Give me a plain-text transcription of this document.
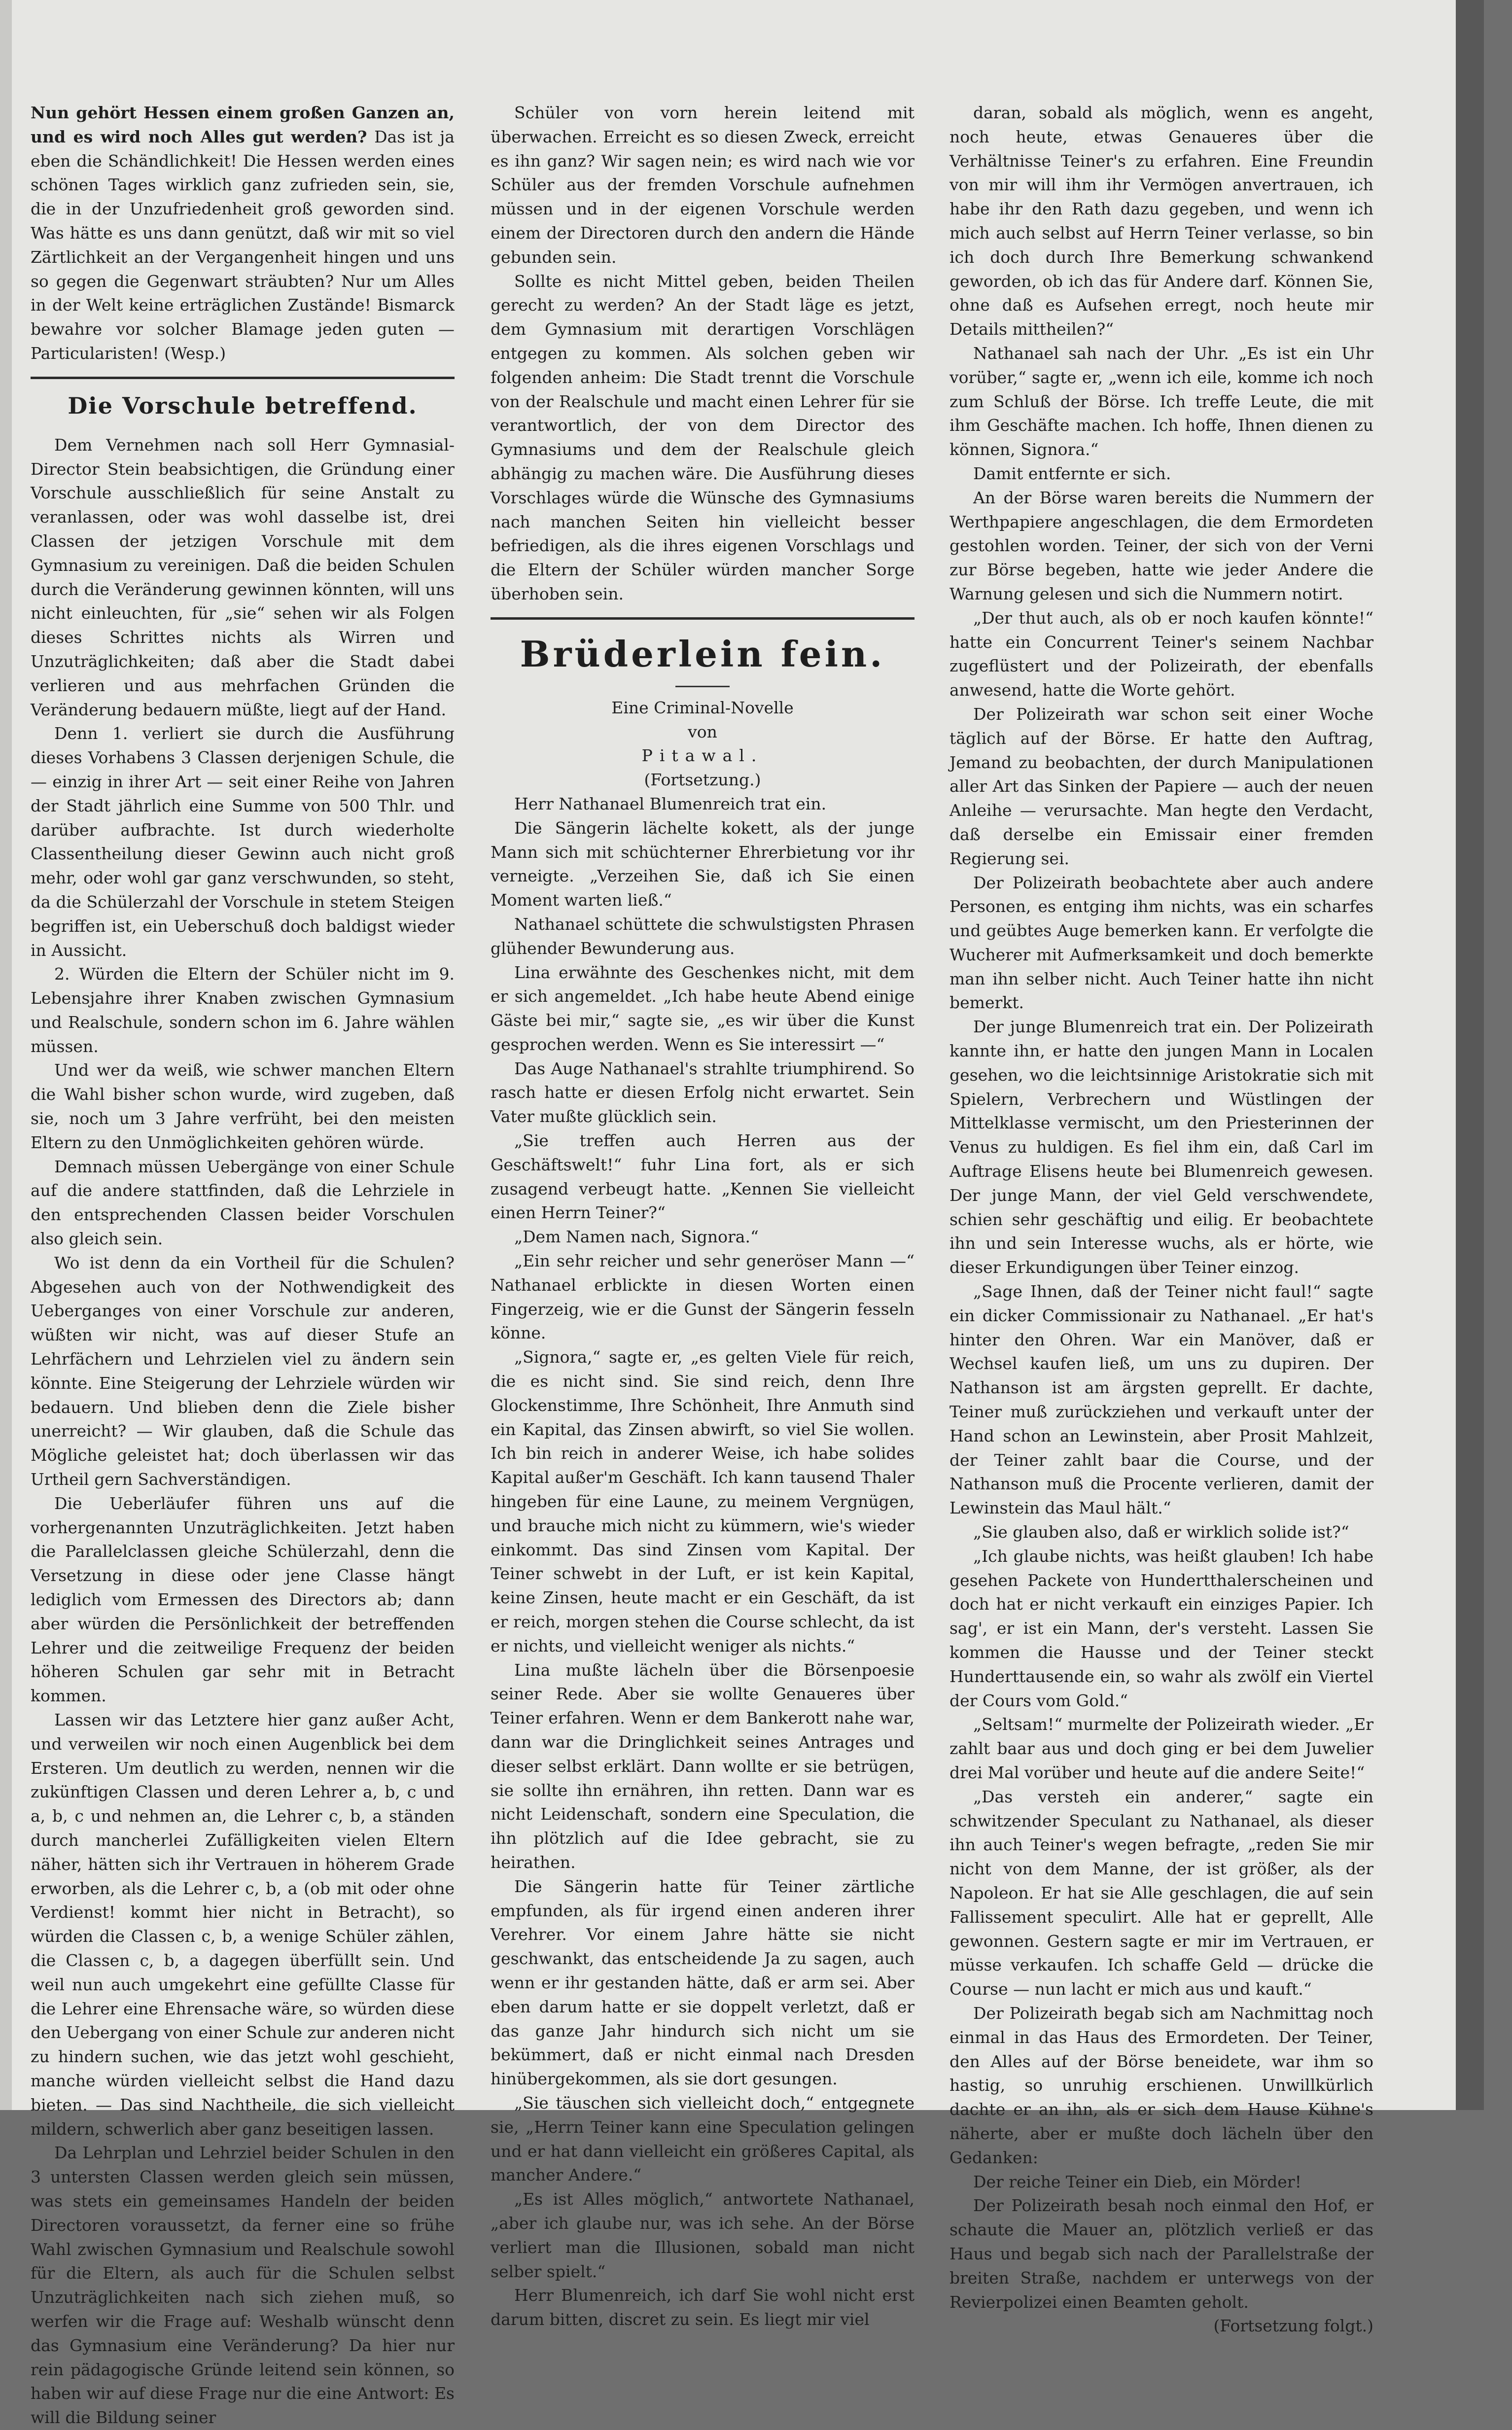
Nun gehört Hessen einem großen Ganzen an, und es wird noch Alles gut werden? Das ist ja eben die Schändlichkeit! Die Hessen werden eines schönen Tages wirklich ganz zufrieden sein, sie, die in der Unzufriedenheit groß geworden sind. Was hätte es uns dann genützt, daß wir mit so viel Zärtlichkeit an der Vergangenheit hingen und uns so gegen die Gegenwart sträubten? Nur um Alles in der Welt keine erträglichen Zustände! Bismarck bewahre vor solcher Blamage jeden guten — Particularisten! (Wesp.)

Die Vorschule betreffend.

Dem Vernehmen nach soll Herr Gymnasial-Director Stein beabsichtigen, die Gründung einer Vorschule ausschließlich für seine Anstalt zu veranlassen, oder was wohl dasselbe ist, drei Classen der jetzigen Vorschule mit dem Gymnasium zu vereinigen. Daß die beiden Schulen durch die Veränderung gewinnen könnten, will uns nicht einleuchten, für „sie“ sehen wir als Folgen dieses Schrittes nichts als Wirren und Unzuträglichkeiten; daß aber die Stadt dabei verlieren und aus mehrfachen Gründen die Veränderung bedauern müßte, liegt auf der Hand.

Denn 1. verliert sie durch die Ausführung dieses Vorhabens 3 Classen derjenigen Schule, die — einzig in ihrer Art — seit einer Reihe von Jahren der Stadt jährlich eine Summe von 500 Thlr. und darüber aufbrachte. Ist durch wiederholte Classentheilung dieser Gewinn auch nicht groß mehr, oder wohl gar ganz verschwunden, so steht, da die Schülerzahl der Vorschule in stetem Steigen begriffen ist, ein Ueberschuß doch baldigst wieder in Aussicht.

2. Würden die Eltern der Schüler nicht im 9. Lebensjahre ihrer Knaben zwischen Gymnasium und Realschule, sondern schon im 6. Jahre wählen müssen.

Und wer da weiß, wie schwer manchen Eltern die Wahl bisher schon wurde, wird zugeben, daß sie, noch um 3 Jahre verfrüht, bei den meisten Eltern zu den Unmöglichkeiten gehören würde.

Demnach müssen Uebergänge von einer Schule auf die andere stattfinden, daß die Lehrziele in den entsprechenden Classen beider Vorschulen also gleich sein.

Wo ist denn da ein Vortheil für die Schulen? Abgesehen auch von der Nothwendigkeit des Ueberganges von einer Vorschule zur anderen, wüßten wir nicht, was auf dieser Stufe an Lehrfächern und Lehrzielen viel zu ändern sein könnte. Eine Steigerung der Lehrziele würden wir bedauern. Und blieben denn die Ziele bisher unerreicht? — Wir glauben, daß die Schule das Mögliche geleistet hat; doch überlassen wir das Urtheil gern Sachverständigen.

Die Ueberläufer führen uns auf die vorhergenannten Unzuträglichkeiten. Jetzt haben die Parallelclassen gleiche Schülerzahl, denn die Versetzung in diese oder jene Classe hängt lediglich vom Ermessen des Directors ab; dann aber würden die Persönlichkeit der betreffenden Lehrer und die zeitweilige Frequenz der beiden höheren Schulen gar sehr mit in Betracht kommen.

Lassen wir das Letztere hier ganz außer Acht, und verweilen wir noch einen Augenblick bei dem Ersteren. Um deutlich zu werden, nennen wir die zukünftigen Classen und deren Lehrer a, b, c und a, b, c und nehmen an, die Lehrer c, b, a ständen durch mancherlei Zufälligkeiten vielen Eltern näher, hätten sich ihr Vertrauen in höherem Grade erworben, als die Lehrer c, b, a (ob mit oder ohne Verdienst! kommt hier nicht in Betracht), so würden die Classen c, b, a wenige Schüler zählen, die Classen c, b, a dagegen überfüllt sein. Und weil nun auch umgekehrt eine gefüllte Classe für die Lehrer eine Ehrensache wäre, so würden diese den Uebergang von einer Schule zur anderen nicht zu hindern suchen, wie das jetzt wohl geschieht, manche würden vielleicht selbst die Hand dazu bieten. — Das sind Nachtheile, die sich vielleicht mildern, schwerlich aber ganz beseitigen lassen.

Da Lehrplan und Lehrziel beider Schulen in den 3 untersten Classen werden gleich sein müssen, was stets ein gemeinsames Handeln der beiden Directoren voraussetzt, da ferner eine so frühe Wahl zwischen Gymnasium und Realschule sowohl für die Eltern, als auch für die Schulen selbst Unzuträglichkeiten nach sich ziehen muß, so werfen wir die Frage auf: Weshalb wünscht denn das Gymnasium eine Veränderung? Da hier nur rein pädagogische Gründe leitend sein können, so haben wir auf diese Frage nur die eine Antwort: Es will die Bildung seiner

Schüler von vorn herein leitend mit überwachen. Erreicht es so diesen Zweck, erreicht es ihn ganz? Wir sagen nein; es wird nach wie vor Schüler aus der fremden Vorschule aufnehmen müssen und in der eigenen Vorschule werden einem der Directoren durch den andern die Hände gebunden sein.

Sollte es nicht Mittel geben, beiden Theilen gerecht zu werden? An der Stadt läge es jetzt, dem Gymnasium mit derartigen Vorschlägen entgegen zu kommen. Als solchen geben wir folgenden anheim: Die Stadt trennt die Vorschule von der Realschule und macht einen Lehrer für sie verantwortlich, der von dem Director des Gymnasiums und dem der Realschule gleich abhängig zu machen wäre. Die Ausführung dieses Vorschlages würde die Wünsche des Gymnasiums nach manchen Seiten hin vielleicht besser befriedigen, als die ihres eigenen Vorschlags und die Eltern der Schüler würden mancher Sorge überhoben sein.

Brüderlein fein.

Eine Criminal-Novelle

von

Pitawal.

(Fortsetzung.)

Herr Nathanael Blumenreich trat ein.

Die Sängerin lächelte kokett, als der junge Mann sich mit schüchterner Ehrerbietung vor ihr verneigte. „Verzeihen Sie, daß ich Sie einen Moment warten ließ.“

Nathanael schüttete die schwulstigsten Phrasen glühender Bewunderung aus.

Lina erwähnte des Geschenkes nicht, mit dem er sich angemeldet. „Ich habe heute Abend einige Gäste bei mir,“ sagte sie, „es wir über die Kunst gesprochen werden. Wenn es Sie interessirt —“

Das Auge Nathanael's strahlte triumphirend. So rasch hatte er diesen Erfolg nicht erwartet. Sein Vater mußte glücklich sein.

„Sie treffen auch Herren aus der Geschäftswelt!“ fuhr Lina fort, als er sich zusagend verbeugt hatte. „Kennen Sie vielleicht einen Herrn Teiner?“

„Dem Namen nach, Signora.“

„Ein sehr reicher und sehr generöser Mann —“ Nathanael erblickte in diesen Worten einen Fingerzeig, wie er die Gunst der Sängerin fesseln könne.

„Signora,“ sagte er, „es gelten Viele für reich, die es nicht sind. Sie sind reich, denn Ihre Glockenstimme, Ihre Schönheit, Ihre Anmuth sind ein Kapital, das Zinsen abwirft, so viel Sie wollen. Ich bin reich in anderer Weise, ich habe solides Kapital außer'm Geschäft. Ich kann tausend Thaler hingeben für eine Laune, zu meinem Vergnügen, und brauche mich nicht zu kümmern, wie's wieder einkommt. Das sind Zinsen vom Kapital. Der Teiner schwebt in der Luft, er ist kein Kapital, keine Zinsen, heute macht er ein Geschäft, da ist er reich, morgen stehen die Course schlecht, da ist er nichts, und vielleicht weniger als nichts.“

Lina mußte lächeln über die Börsenpoesie seiner Rede. Aber sie wollte Genaueres über Teiner erfahren. Wenn er dem Bankerott nahe war, dann war die Dringlichkeit seines Antrages und dieser selbst erklärt. Dann wollte er sie betrügen, sie sollte ihn ernähren, ihn retten. Dann war es nicht Leidenschaft, sondern eine Speculation, die ihn plötzlich auf die Idee gebracht, sie zu heirathen.

Die Sängerin hatte für Teiner zärtliche empfunden, als für irgend einen anderen ihrer Verehrer. Vor einem Jahre hätte sie nicht geschwankt, das entscheidende Ja zu sagen, auch wenn er ihr gestanden hätte, daß er arm sei. Aber eben darum hatte er sie doppelt verletzt, daß er das ganze Jahr hindurch sich nicht um sie bekümmert, daß er nicht einmal nach Dresden hinübergekommen, als sie dort gesungen.

„Sie täuschen sich vielleicht doch,“ entgegnete sie, „Herrn Teiner kann eine Speculation gelingen und er hat dann vielleicht ein größeres Capital, als mancher Andere.“

„Es ist Alles möglich,“ antwortete Nathanael, „aber ich glaube nur, was ich sehe. An der Börse verliert man die Illusionen, sobald man nicht selber spielt.“

Herr Blumenreich, ich darf Sie wohl nicht erst darum bitten, discret zu sein. Es liegt mir viel

daran, sobald als möglich, wenn es angeht, noch heute, etwas Genaueres über die Verhältnisse Teiner's zu erfahren. Eine Freundin von mir will ihm ihr Vermögen anvertrauen, ich habe ihr den Rath dazu gegeben, und wenn ich mich auch selbst auf Herrn Teiner verlasse, so bin ich doch durch Ihre Bemerkung schwankend geworden, ob ich das für Andere darf. Können Sie, ohne daß es Aufsehen erregt, noch heute mir Details mittheilen?“

Nathanael sah nach der Uhr. „Es ist ein Uhr vorüber,“ sagte er, „wenn ich eile, komme ich noch zum Schluß der Börse. Ich treffe Leute, die mit ihm Geschäfte machen. Ich hoffe, Ihnen dienen zu können, Signora.“

Damit entfernte er sich.

An der Börse waren bereits die Nummern der Werthpapiere angeschlagen, die dem Ermordeten gestohlen worden. Teiner, der sich von der Verni zur Börse begeben, hatte wie jeder Andere die Warnung gelesen und sich die Nummern notirt.

„Der thut auch, als ob er noch kaufen könnte!“ hatte ein Concurrent Teiner's seinem Nachbar zugeflüstert und der Polizeirath, der ebenfalls anwesend, hatte die Worte gehört.

Der Polizeirath war schon seit einer Woche täglich auf der Börse. Er hatte den Auftrag, Jemand zu beobachten, der durch Manipulationen aller Art das Sinken der Papiere — auch der neuen Anleihe — verursachte. Man hegte den Verdacht, daß derselbe ein Emissair einer fremden Regierung sei.

Der Polizeirath beobachtete aber auch andere Personen, es entging ihm nichts, was ein scharfes und geübtes Auge bemerken kann. Er verfolgte die Wucherer mit Aufmerksamkeit und doch bemerkte man ihn selber nicht. Auch Teiner hatte ihn nicht bemerkt.

Der junge Blumenreich trat ein. Der Polizeirath kannte ihn, er hatte den jungen Mann in Localen gesehen, wo die leichtsinnige Aristokratie sich mit Spielern, Verbrechern und Wüstlingen der Mittelklasse vermischt, um den Priesterinnen der Venus zu huldigen. Es fiel ihm ein, daß Carl im Auftrage Elisens heute bei Blumenreich gewesen. Der junge Mann, der viel Geld verschwendete, schien sehr geschäftig und eilig. Er beobachtete ihn und sein Interesse wuchs, als er hörte, wie dieser Erkundigungen über Teiner einzog.

„Sage Ihnen, daß der Teiner nicht faul!“ sagte ein dicker Commissionair zu Nathanael. „Er hat's hinter den Ohren. War ein Manöver, daß er Wechsel kaufen ließ, um uns zu dupiren. Der Nathanson ist am ärgsten geprellt. Er dachte, Teiner muß zurückziehen und verkauft unter der Hand schon an Lewinstein, aber Prosit Mahlzeit, der Teiner zahlt baar die Course, und der Nathanson muß die Procente verlieren, damit der Lewinstein das Maul hält.“

„Sie glauben also, daß er wirklich solide ist?“

„Ich glaube nichts, was heißt glauben! Ich habe gesehen Packete von Hundertthalerscheinen und doch hat er nicht verkauft ein einziges Papier. Ich sag', er ist ein Mann, der's versteht. Lassen Sie kommen die Hausse und der Teiner steckt Hunderttausende ein, so wahr als zwölf ein Viertel der Cours vom Gold.“

„Seltsam!“ murmelte der Polizeirath wieder. „Er zahlt baar aus und doch ging er bei dem Juwelier drei Mal vorüber und heute auf die andere Seite!“

„Das versteh ein anderer,“ sagte ein schwitzender Speculant zu Nathanael, als dieser ihn auch Teiner's wegen befragte, „reden Sie mir nicht von dem Manne, der ist größer, als der Napoleon. Er hat sie Alle geschlagen, die auf sein Fallissement speculirt. Alle hat er geprellt, Alle gewonnen. Gestern sagte er mir im Vertrauen, er müsse verkaufen. Ich schaffe Geld — drücke die Course — nun lacht er mich aus und kauft.“

Der Polizeirath begab sich am Nachmittag noch einmal in das Haus des Ermordeten. Der Teiner, den Alles auf der Börse beneidete, war ihm so hastig, so unruhig erschienen. Unwillkürlich dachte er an ihn, als er sich dem Hause Kühne's näherte, aber er mußte doch lächeln über den Gedanken:

Der reiche Teiner ein Dieb, ein Mörder!

Der Polizeirath besah noch einmal den Hof, er schaute die Mauer an, plötzlich verließ er das Haus und begab sich nach der Parallelstraße der breiten Straße, nachdem er unterwegs von der Revierpolizei einen Beamten geholt.

(Fortsetzung folgt.)
